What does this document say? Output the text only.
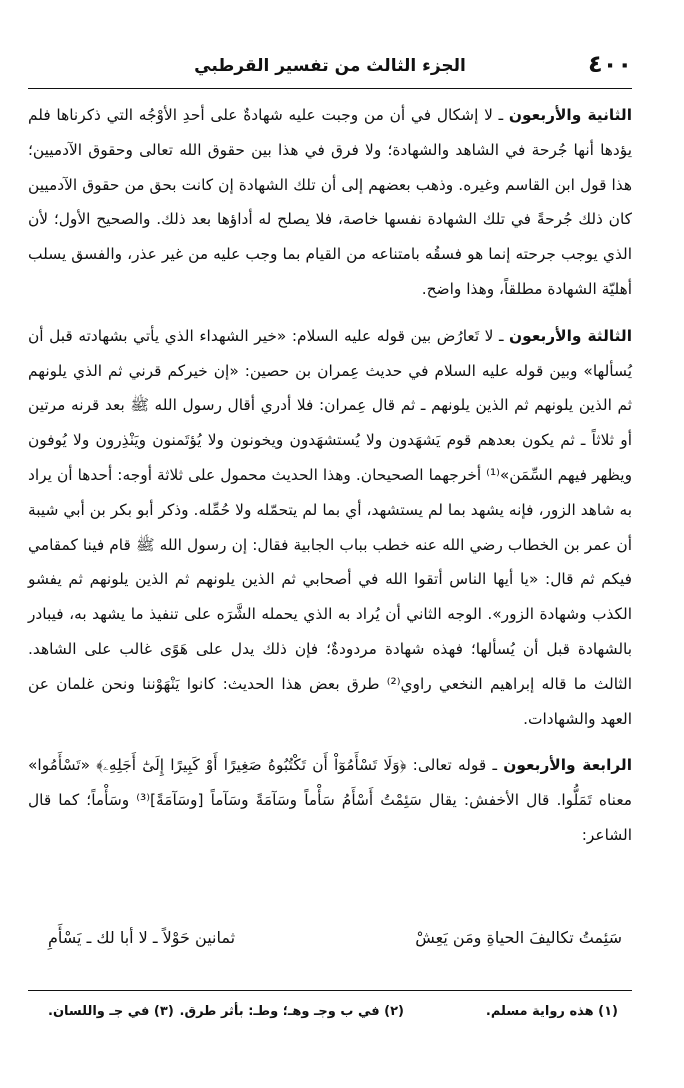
٤٠٠
الجزء الثالث من تفسير القرطبي

الثانية والأربعون ـ لا إشكال في أن من وجبت عليه شهادةٌ على أحدِ الأوْجُه التي ذكرناها فلم يؤدها أنها جُرحة في الشاهد والشهادة؛ ولا فرق في هذا بين حقوق الله تعالى وحقوق الآدميين؛ هذا قول ابن القاسم وغيره. وذهب بعضهم إلى أن تلك الشهادة إن كانت بحق من حقوق الآدميين كان ذلك جُرحةً في تلك الشهادة نفسها خاصة، فلا يصلح له أداؤها بعد ذلك. والصحيح الأول؛ لأن الذي يوجب جرحته إنما هو فسقُه بامتناعه من القيام بما وجب عليه من غير عذر، والفسق يسلب أهليّة الشهادة مطلقاً، وهذا واضح.

الثالثة والأربعون ـ لا تَعارُض بين قوله عليه السلام: «خير الشهداء الذي يأتي بشهادته قبل أن يُسألها» وبين قوله عليه السلام في حديث عِمران بن حصين: «إن خيركم قرني ثم الذي يلونهم ثم الذين يلونهم ثم الذين يلونهم ـ ثم قال عِمران: فلا أدري أقال رسول الله ﷺ بعد قرنه مرتين أو ثلاثاً ـ ثم يكون بعدهم قوم يَشهَدون ولا يُستشهَدون ويخونون ولا يُؤتَمنون ويَنْذِرون ولا يُوفون ويظهر فيهم السِّمَن»⁽¹⁾ أخرجهما الصحيحان. وهذا الحديث محمول على ثلاثة أوجه: أحدها أن يراد به شاهد الزور، فإنه يشهد بما لم يستشهد، أي بما لم يتحمّله ولا حُمِّله. وذكر أبو بكر بن أبي شيبة أن عمر بن الخطاب رضي الله عنه خطب بباب الجابية فقال: إن رسول الله ﷺ قام فينا كمقامي فيكم ثم قال: «يا أيها الناس أتقوا الله في أصحابي ثم الذين يلونهم ثم الذين يلونهم ثم يفشو الكذب وشهادة الزور». الوجه الثاني أن يُراد به الذي يحمله الشَّرَه على تنفيذ ما يشهد به، فيبادر بالشهادة قبل أن يُسألها؛ فهذه شهادة مردودةٌ؛ فإن ذلك يدل على هَوًى غالب على الشاهد. الثالث ما قاله إبراهيم النخعي راوي⁽²⁾ طرق بعض هذا الحديث: كانوا يَنْهَوْننا ونحن غلمان عن العهد والشهادات.

الرابعة والأربعون ـ قوله تعالى: ﴿وَلَا تَسْأَمُوٓاْ أَن تَكْتُبُوهُ صَغِيرًا أَوْ كَبِيرًا إِلَىٰٓ أَجَلِهِۦ﴾ «تَسْأَمُوا» معناه تَمَلُّوا. قال الأخفش: يقال سَئِمْتُ أَسْأَمُ سَأْماً وسَآمَةً وسَآماً [وسَآمَةً]⁽³⁾ وسَأْماً؛ كما قال الشاعر:

سَئِمتُ تكاليفَ الحياةِ ومَن يَعِشْ
ثمانين حَوْلاً ـ لا أبا لك ـ يَسْأَمِ
(١) هذه رواية مسلم.
(٢) في ب وجـ وهـ؛ وطـ: بأثر طرق.
(٣) في جـ واللسان.
